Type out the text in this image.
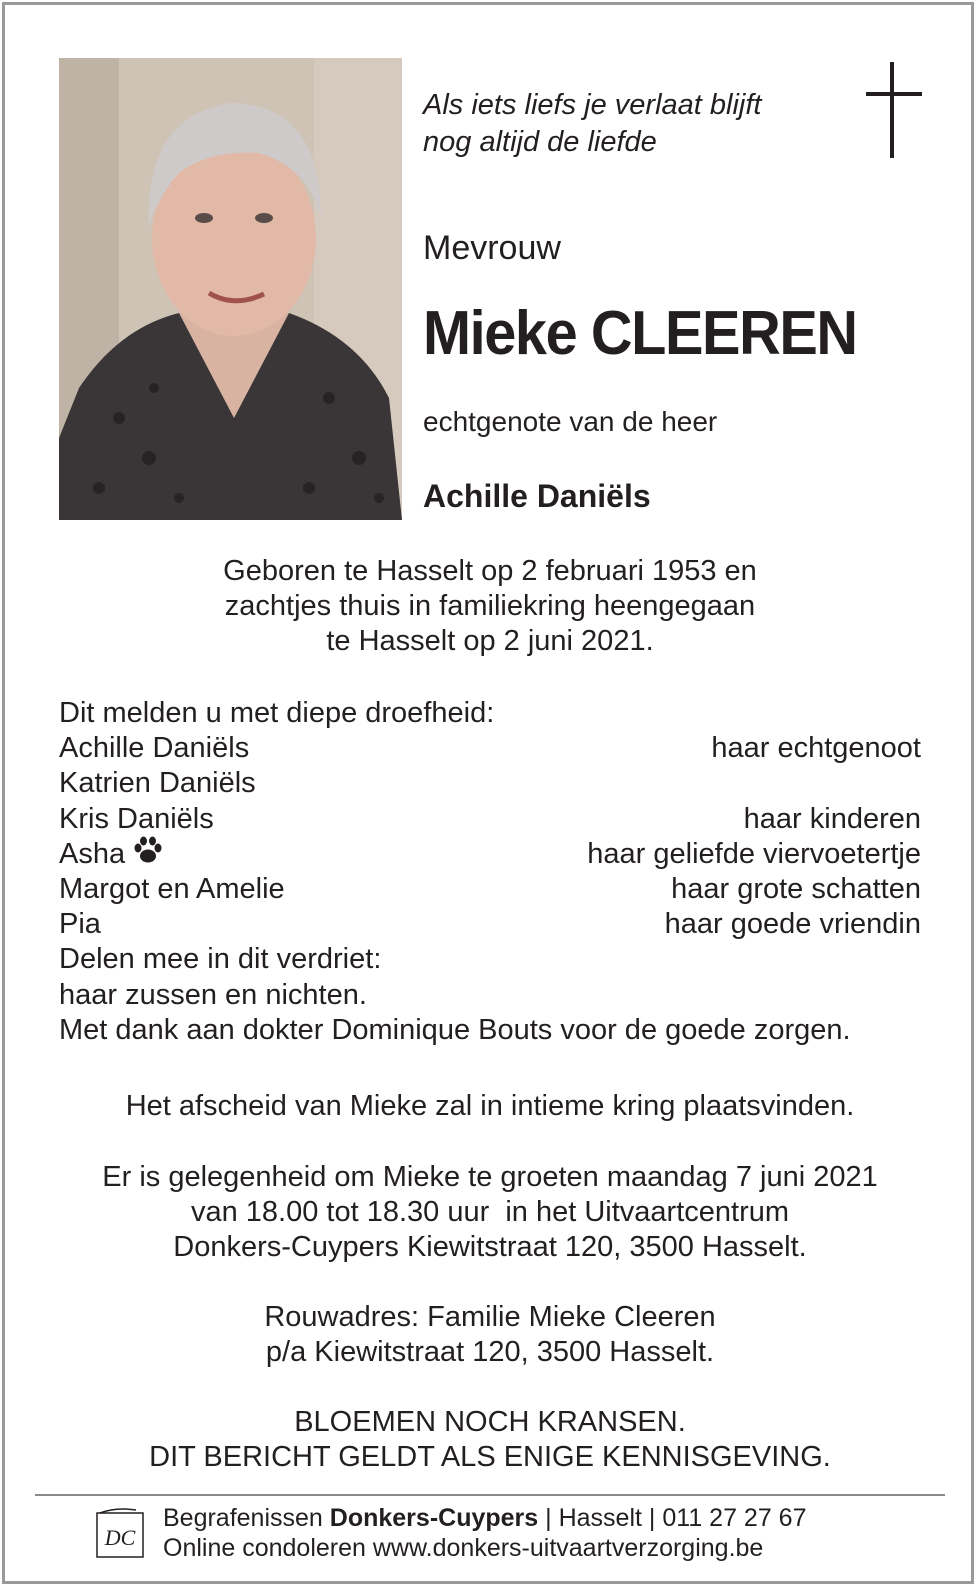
Als iets liefs je verlaat blijft
nog altijd de liefde
Mevrouw
Mieke CLEEREN
echtgenote van de heer
Achille Daniëls
Geboren te Hasselt op 2 februari 1953 en
zachtjes thuis in familiekring heengegaan
te Hasselt op 2 juni 2021.
Dit melden u met diepe droefheid:
Achille Daniëls	haar echtgenoot
Katrien Daniëls
Kris Daniëls	haar kinderen
Asha	haar geliefde viervoetertje
Margot en Amelie	haar grote schatten
Pia	haar goede vriendin
Delen mee in dit verdriet:
haar zussen en nichten.
Met dank aan dokter Dominique Bouts voor de goede zorgen.
Het afscheid van Mieke zal in intieme kring plaatsvinden.
Er is gelegenheid om Mieke te groeten maandag 7 juni 2021
van 18.00 tot 18.30 uur  in het Uitvaartcentrum
Donkers-Cuypers Kiewitstraat 120, 3500 Hasselt.
Rouwadres: Familie Mieke Cleeren
p/a Kiewitstraat 120, 3500 Hasselt.
BLOEMEN NOCH KRANSEN.
DIT BERICHT GELDT ALS ENIGE KENNISGEVING.
DC
Begrafenissen Donkers-Cuypers | Hasselt | 011 27 27 67
Online condoleren www.donkers-uitvaartverzorging.be
